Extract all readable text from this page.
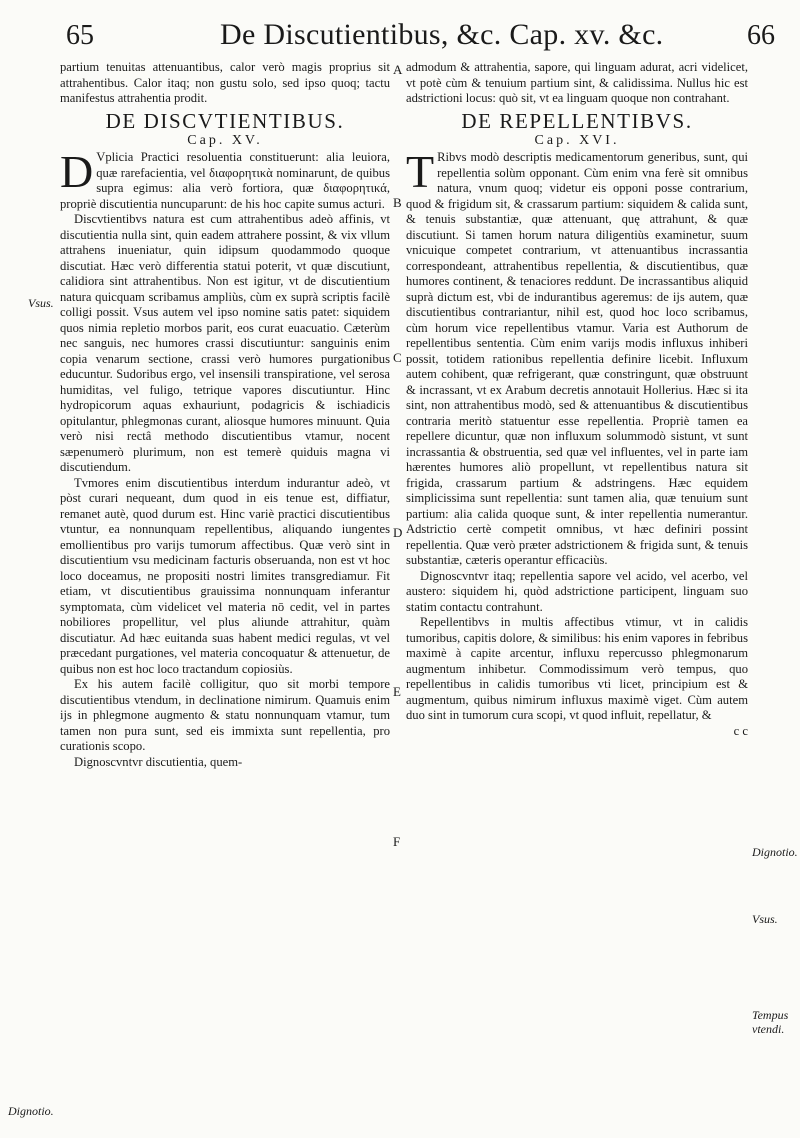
65	De Discutientibus, &c. Cap. xv. &c.	66

partium tenuitas attenuantibus, calor verò magis proprius sit attrahentibus. Calor itaq; non gustu solo, sed ipso quoq; tactu manifestus attrahentia prodit.

DE DISCVTIENTIBUS.
Cap. XV.

D Vplicia Practici resoluentia constituerunt: alia leuiora, quæ rarefacientia, vel διαφορητικὰ nominarunt, de quibus supra egimus: alia verò fortiora, quæ διαφορητικά, propriè discutientia nuncuparunt: de his hoc capite sumus acturi.

Discvtientibvs natura est cum attrahentibus adeò affinis, vt discutientia nulla sint, quin eadem attrahere possint, & vix vllum attrahens inueniatur, quin idipsum quodammodo quoque discutiat. Hæc verò differentia statui poterit, vt quæ discutiunt, calidiora sint attrahentibus. Non est igitur, vt de discutientium natura quicquam scribamus ampliùs, cùm ex suprà scriptis facilè colligi possit. Vsus autem vel ipso nomine satis patet: siquidem quos nimia repletio morbos parit, eos curat euacuatio. Cæterùm nec sanguis, nec humores crassi discutiuntur: sanguinis enim copia venarum sectione, crassi verò humores purgationibus educuntur. Sudoribus ergo, vel insensili transpiratione, vel serosa humiditas, vel fuligo, tetrique vapores discutiuntur. Hinc hydropicorum aquas exhauriunt, podagricis & ischiadicis opitulantur, phlegmonas curant, aliosque humores minuunt. Quia verò nisi rectâ methodo discutientibus vtamur, nocent sæpenumerò plurimum, non est temerè quiduis magna vi discutiendum.

Tvmores enim discutientibus interdum indurantur adeò, vt pòst curari nequeant, dum quod in eis tenue est, diffiatur, remanet autè, quod durum est. Hinc variè practici discutientibus vtuntur, ea nonnunquam repellentibus, aliquando iungentes emollientibus pro varijs tumorum affectibus. Quæ verò sint in discutientium vsu medicinam facturis obseruanda, non est vt hoc loco doceamus, ne propositi nostri limites transgrediamur. Fit etiam, vt discutientibus grauissima nonnunquam inferantur symptomata, cùm videlicet vel materia nō cedit, vel in partes nobiliores propellitur, vel plus aliunde attrahitur, quàm discutiatur. Ad hæc euitanda suas habent medici regulas, vt vel præcedant purgationes, vel materia concoquatur & attenuetur, de quibus non est hoc loco tractandum copiosiùs.

Ex his autem facilè colligitur, quo sit morbi tempore discutientibus vtendum, in declinatione nimirum. Quamuis enim ijs in phlegmone augmento & statu nonnunquam vtamur, tum tamen non pura sunt, sed eis immixta sunt repellentia, pro curationis scopo.

Dignoscvntvr discutientia, quem-

admodum & attrahentia, sapore, qui linguam adurat, acri videlicet, vt potè cùm & tenuium partium sint, & calidissima. Nullus hic est adstrictioni locus: quò sit, vt ea linguam quoque non contrahant.

DE REPELLENTIBVS.
Cap. XVI.

T Ribvs modò descriptis medicamentorum generibus, sunt, qui repellentia solùm opponant. Cùm enim vna ferè sit omnibus natura, vnum quoq; videtur eis opponi posse contrarium, quod & frigidum sit, & crassarum partium: siquidem & calida sunt, & tenuis substantiæ, quæ attenuant, quę attrahunt, & quæ discutiunt. Si tamen horum natura diligentiùs examinetur, suum vnicuique competet contrarium, vt attenuantibus incrassantia correspondeant, attrahentibus repellentia, & discutientibus, quæ humores continent, & tenaciores reddunt. De incrassantibus aliquid suprà dictum est, vbi de indurantibus ageremus: de ijs autem, quæ discutientibus contrariantur, nihil est, quod hoc loco scribamus, cùm horum vice repellentibus vtamur. Varia est Authorum de repellentibus sententia. Cùm enim varijs modis influxus inhiberi possit, totidem rationibus repellentia definire licebit. Influxum autem cohibent, quæ refrigerant, quæ constringunt, quæ obstruunt & incrassant, vt ex Arabum decretis annotauit Hollerius. Hæc si ita sint, non attrahentibus modò, sed & attenuantibus & discutientibus contraria meritò statuentur esse repellentia. Propriè tamen ea repellere dicuntur, quæ non influxum solummodò sistunt, vt sunt incrassantia & obstruentia, sed quæ vel influentes, vel in parte iam hærentes humores aliò propellunt, vt repellentibus natura sit frigida, crassarum partium & adstringens. Hæc equidem simplicissima sunt repellentia: sunt tamen alia, quæ tenuium sunt partium: alia calida quoque sunt, & inter repellentia numerantur. Adstrictio certè competit omnibus, vt hæc definiri possint repellentia. Quæ verò præter adstrictionem & frigida sunt, & tenuis substantiæ, cæteris operantur efficaciùs.

Dignoscvntvr itaq; repellentia sapore vel acido, vel acerbo, vel austero: siquidem hi, quòd adstrictione participent, linguam suo statim contactu contrahunt.

Repellentibvs in multis affectibus vtimur, vt in calidis tumoribus, capitis dolore, & similibus: his enim vapores in febribus maximè à capite arcentur, influxu repercusso phlegmonarum augmentum inhibetur. Commodissimum verò tempus, quo repellentibus in calidis tumoribus vti licet, principium est & augmentum, quibus nimirum influxus maximè viget. Cùm autem duo sint in tumorum cura scopi, vt quod influit, repellatur, &

c c

Vsus.
Dignotio.
Dignotio.
Vsus.
Tempus vtendi.
A
B
C
D
E
F
